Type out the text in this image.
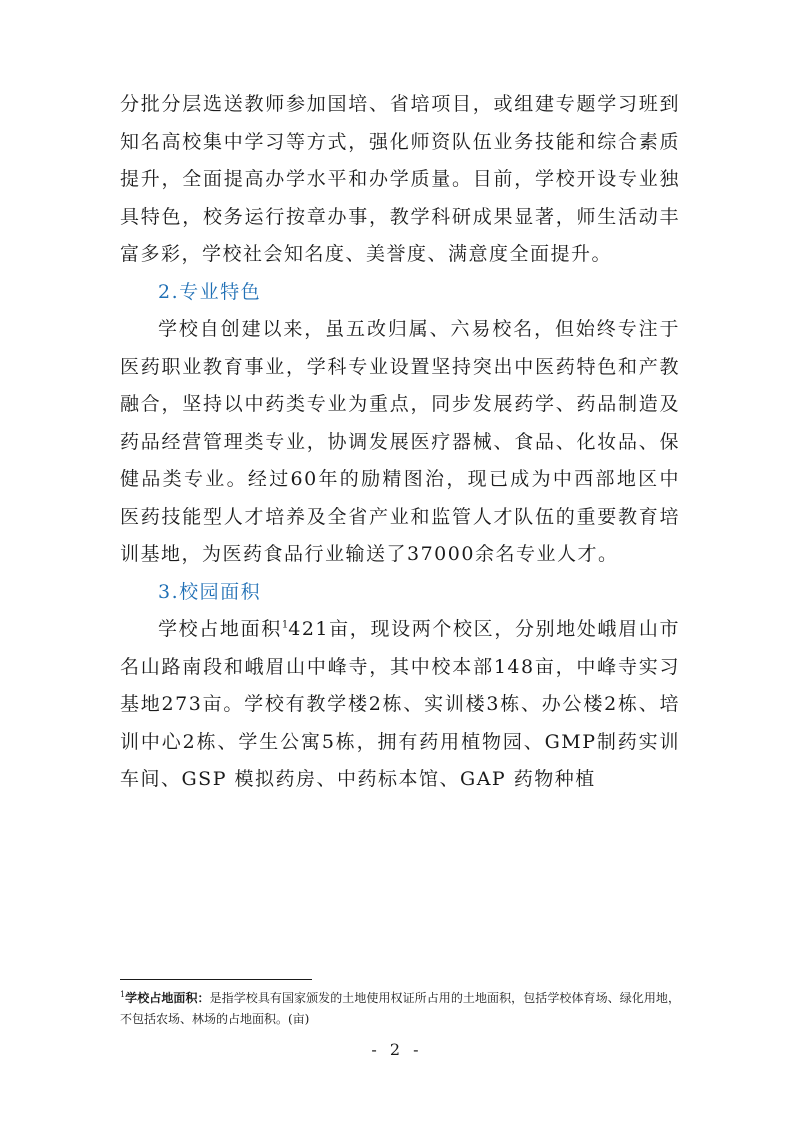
分批分层选送教师参加国培、省培项目，或组建专题学习班到知名高校集中学习等方式，强化师资队伍业务技能和综合素质提升，全面提高办学水平和办学质量。目前，学校开设专业独具特色，校务运行按章办事，教学科研成果显著，师生活动丰富多彩，学校社会知名度、美誉度、满意度全面提升。

2.专业特色

学校自创建以来，虽五改归属、六易校名，但始终专注于医药职业教育事业，学科专业设置坚持突出中医药特色和产教融合，坚持以中药类专业为重点，同步发展药学、药品制造及药品经营管理类专业，协调发展医疗器械、食品、化妆品、保健品类专业。经过60年的励精图治，现已成为中西部地区中医药技能型人才培养及全省产业和监管人才队伍的重要教育培训基地，为医药食品行业输送了37000余名专业人才。

3.校园面积

学校占地面积$^1$421亩，现设两个校区，分别地处峨眉山市名山路南段和峨眉山中峰寺，其中校本部148亩，中峰寺实习基地273亩。学校有教学楼2栋、实训楼3栋、办公楼2栋、培训中心2栋、学生公寓5栋，拥有药用植物园、GMP制药实训车间、GSP 模拟药房、中药标本馆、GAP 药物种植

$^1$学校占地面积：是指学校具有国家颁发的土地使用权证所占用的土地面积，包括学校体育场、绿化用地，不包括农场、林场的占地面积。(亩)
- 2 -
